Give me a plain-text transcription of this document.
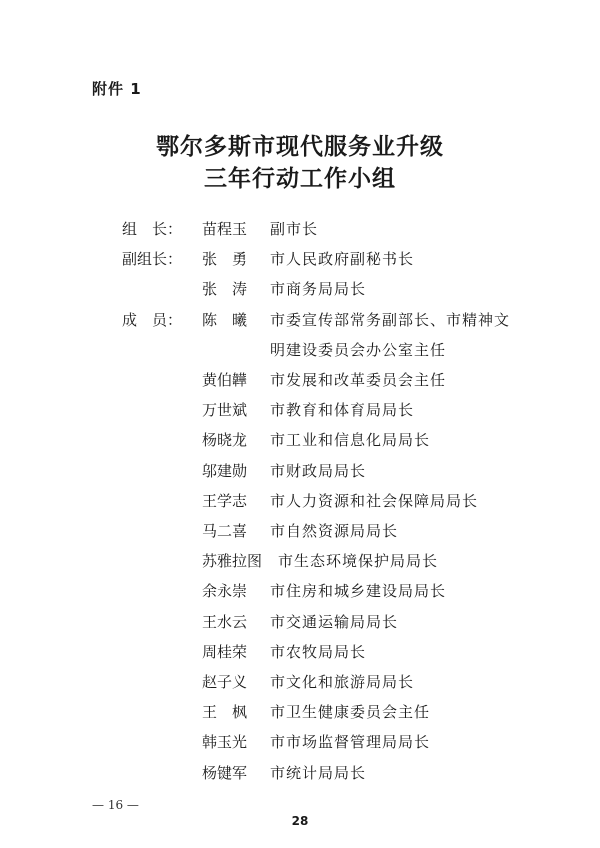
附件 1
鄂尔多斯市现代服务业升级
三年行动工作小组
组　长： 苗程玉 副市长
副组长： 张　勇 市人民政府副秘书长
张　涛 市商务局局长
成　员： 陈　曦 市委宣传部常务副部长、市精神文
明建设委员会办公室主任
黄伯韡 市发展和改革委员会主任
万世斌 市教育和体育局局长
杨晓龙 市工业和信息化局局长
邬建勋 市财政局局长
王学志 市人力资源和社会保障局局长
马二喜 市自然资源局局长
苏雅拉图 市生态环境保护局局长
余永崇 市住房和城乡建设局局长
王水云 市交通运输局局长
周桂荣 市农牧局局长
赵子义 市文化和旅游局局长
王　枫 市卫生健康委员会主任
韩玉光 市市场监督管理局局长
杨键军 市统计局局长
— 16 —
28
